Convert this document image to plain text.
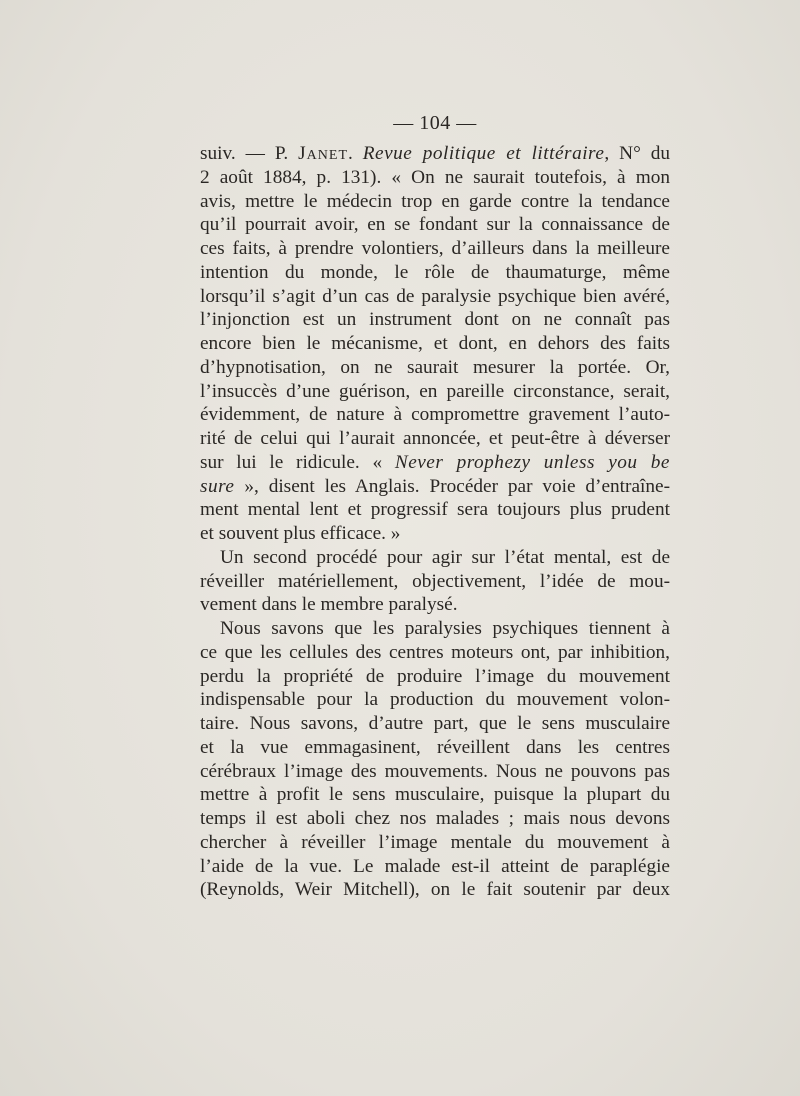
— 104 —
suiv. — P. Janet. Revue politique et littéraire, N° du
2 août 1884, p. 131). « On ne saurait toutefois, à mon
avis, mettre le médecin trop en garde contre la tendance
qu’il pourrait avoir, en se fondant sur la connaissance de
ces faits, à prendre volontiers, d’ailleurs dans la meilleure
intention du monde, le rôle de thaumaturge, même
lorsqu’il s’agit d’un cas de paralysie psychique bien avéré,
l’injonction est un instrument dont on ne connaît pas
encore bien le mécanisme, et dont, en dehors des faits
d’hypnotisation, on ne saurait mesurer la portée. Or,
l’insuccès d’une guérison, en pareille circonstance, serait,
évidemment, de nature à compromettre gravement l’auto-
rité de celui qui l’aurait annoncée, et peut-être à déverser
sur lui le ridicule. « Never prophezy unless you be
sure », disent les Anglais. Procéder par voie d’entraîne-
ment mental lent et progressif sera toujours plus prudent
et souvent plus efficace. »
Un second procédé pour agir sur l’état mental, est de
réveiller matériellement, objectivement, l’idée de mou-
vement dans le membre paralysé.
Nous savons que les paralysies psychiques tiennent à
ce que les cellules des centres moteurs ont, par inhibition,
perdu la propriété de produire l’image du mouvement
indispensable pour la production du mouvement volon-
taire. Nous savons, d’autre part, que le sens musculaire
et la vue emmagasinent, réveillent dans les centres
cérébraux l’image des mouvements. Nous ne pouvons pas
mettre à profit le sens musculaire, puisque la plupart du
temps il est aboli chez nos malades ; mais nous devons
chercher à réveiller l’image mentale du mouvement à
l’aide de la vue. Le malade est-il atteint de paraplégie
(Reynolds, Weir Mitchell), on le fait soutenir par deux
